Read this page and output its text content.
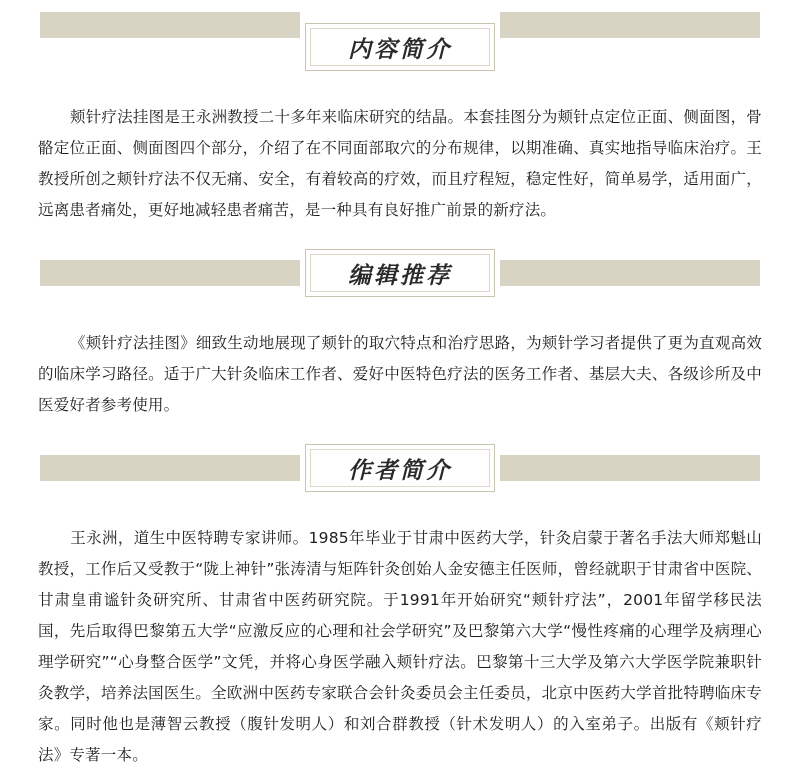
内容简介

颊针疗法挂图是王永洲教授二十多年来临床研究的结晶。本套挂图分为颊针点定位正面、侧面图，骨骼定位正面、侧面图四个部分，介绍了在不同面部取穴的分布规律，以期准确、真实地指导临床治疗。王教授所创之颊针疗法不仅无痛、安全，有着较高的疗效，而且疗程短，稳定性好，简单易学，适用面广，远离患者痛处，更好地减轻患者痛苦，是一种具有良好推广前景的新疗法。

编辑推荐

《颊针疗法挂图》细致生动地展现了颊针的取穴特点和治疗思路，为颊针学习者提供了更为直观高效的临床学习路径。适于广大针灸临床工作者、爱好中医特色疗法的医务工作者、基层大夫、各级诊所及中医爱好者参考使用。

作者简介

王永洲，道生中医特聘专家讲师。1985年毕业于甘肃中医药大学，针灸启蒙于著名手法大师郑魁山教授，工作后又受教于“陇上神针”张涛清与矩阵针灸创始人金安德主任医师，曾经就职于甘肃省中医院、甘肃皇甫谧针灸研究所、甘肃省中医药研究院。于1991年开始研究“颊针疗法”，2001年留学移民法国，先后取得巴黎第五大学“应激反应的心理和社会学研究”及巴黎第六大学“慢性疼痛的心理学及病理心理学研究”“心身整合医学”文凭，并将心身医学融入颊针疗法。巴黎第十三大学及第六大学医学院兼职针灸教学，培养法国医生。全欧洲中医药专家联合会针灸委员会主任委员，北京中医药大学首批特聘临床专家。同时他也是薄智云教授（腹针发明人）和刘合群教授（针术发明人）的入室弟子。出版有《颊针疗法》专著一本。
